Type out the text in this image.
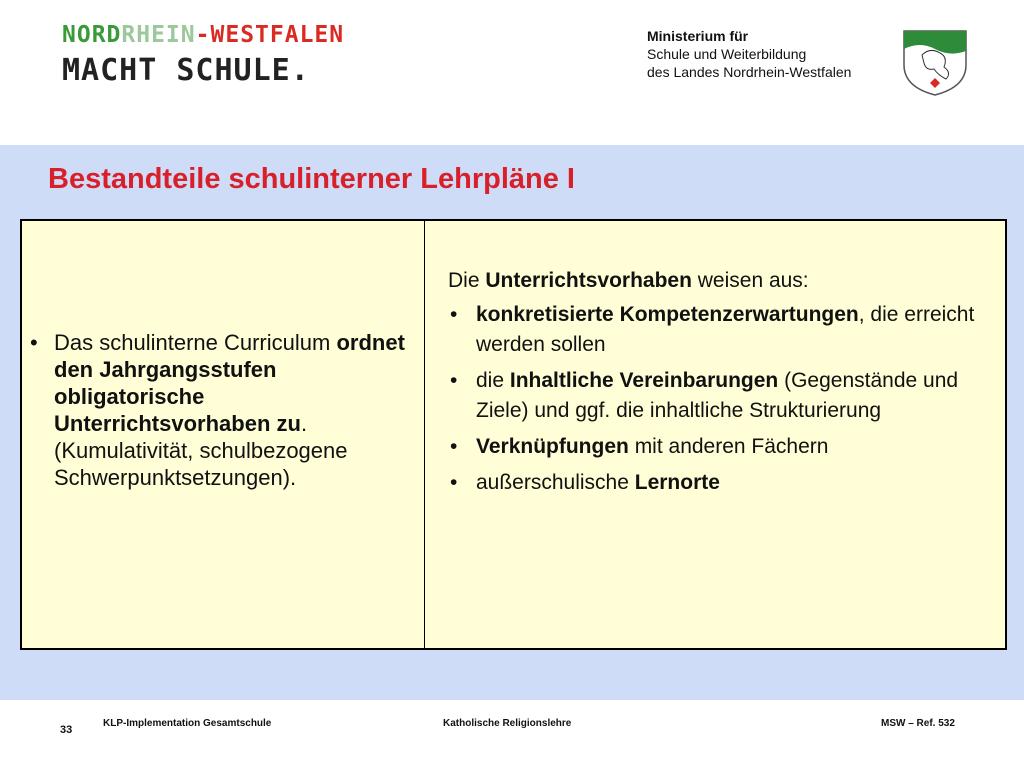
NORDRHEIN-WESTFALEN
MACHT SCHULE.
Ministerium für
Schule und Weiterbildung
des Landes Nordrhein-Westfalen
Bestandteile schulinterner Lehrpläne I
• Das schulinterne Curriculum ordnet den Jahrgangsstufen obligatorische Unterrichtsvorhaben zu. (Kumulativität, schulbezogene Schwerpunktsetzungen).
Die Unterrichtsvorhaben weisen aus:
• konkretisierte Kompetenzerwartungen, die erreicht werden sollen
• die Inhaltliche Vereinbarungen (Gegenstände und Ziele) und ggf. die inhaltliche Strukturierung
• Verknüpfungen mit anderen Fächern
• außerschulische Lernorte
33
KLP-Implementation Gesamtschule	Katholische Religionslehre	MSW – Ref. 532
